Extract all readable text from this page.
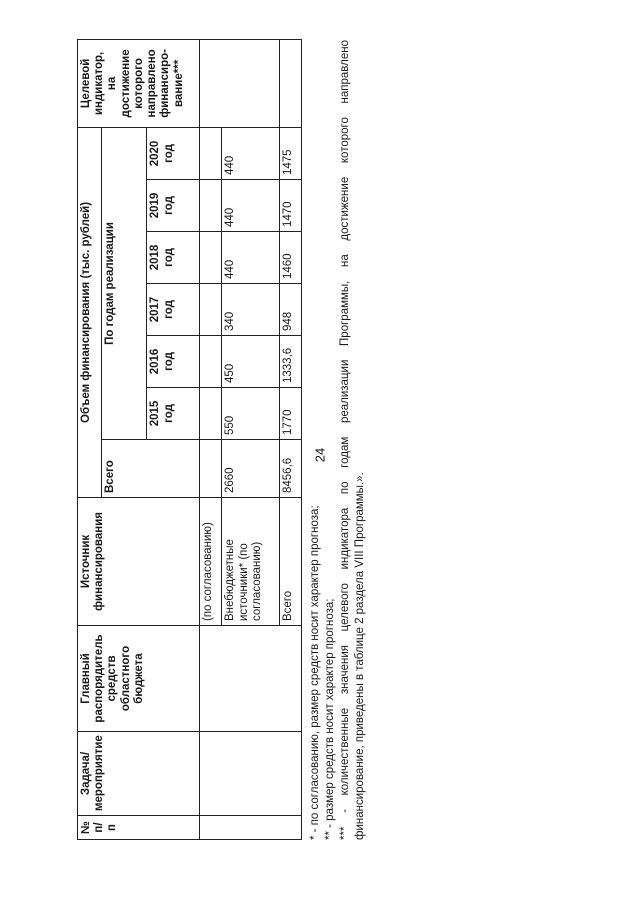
24
№ п/п	Задача/ мероприятие	Главный распорядитель средств областного бюджета	Источник финансирования	Объем финансирования (тыс. рублей)							Целевой индикатор, на достижение которого направлено финансиро-вание***
				Всего	По годам реализации						
					2015 год	2016 год	2017 год	2018 год	2019 год	2020 год	
			(по согласованию)								
			Внебюджетные источники* (по согласованию)	2660	550	450	340	440	440	440	
			Всего	8456,6	1770	1333,6	948	1460	1470	1475	
* - по согласованию, размер средств носит характер прогноза; ** - размер средств носит характер прогноза; *** - количественные значения целевого индикатора по годам реализации Программы, на достижение которого направлено финансирование, приведены в таблице 2 раздела VIII Программы.».
